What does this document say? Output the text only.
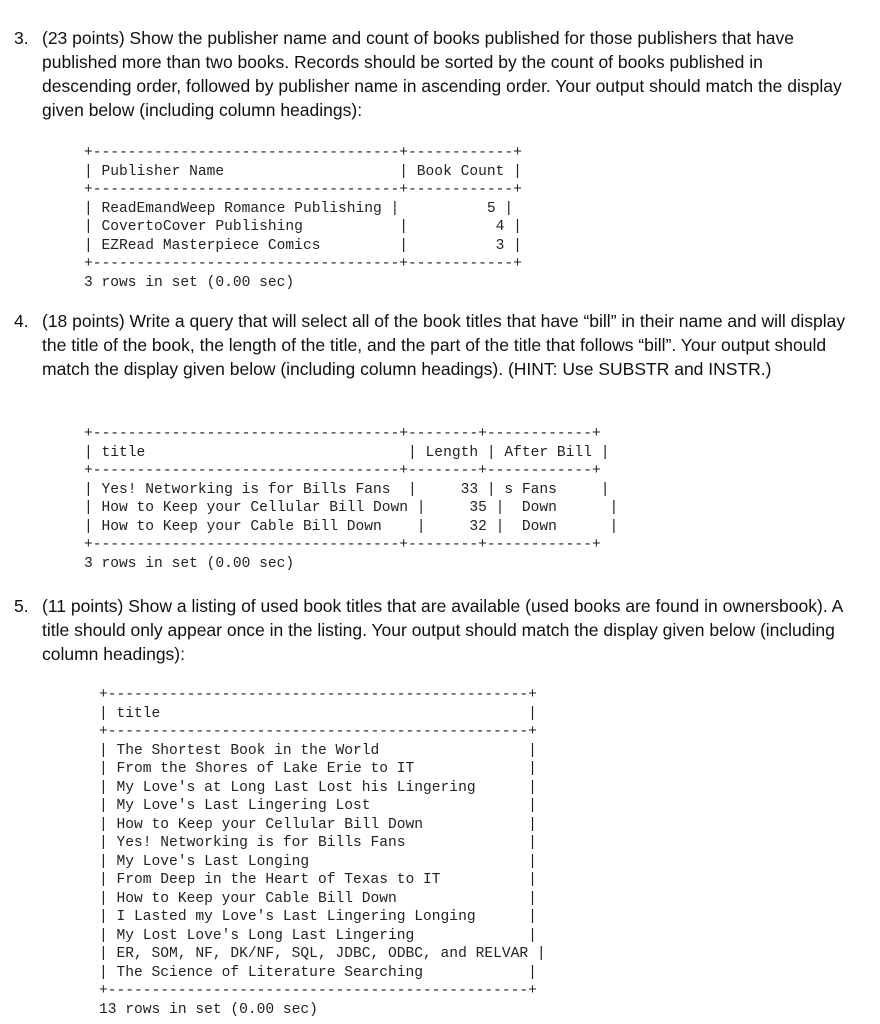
3. (23 points) Show the publisher name and count of books published for those publishers that have published more than two books. Records should be sorted by the count of books published in descending order, followed by publisher name in ascending order. Your output should match the display given below (including column headings):
+-----------------------------------+------------+
| Publisher Name                    | Book Count |
+-----------------------------------+------------+
| ReadEmandWeep Romance Publishing |          5 |
| CovertoCover Publishing           |          4 |
| EZRead Masterpiece Comics         |          3 |
+-----------------------------------+------------+
3 rows in set (0.00 sec)
4. (18 points) Write a query that will select all of the book titles that have “bill” in their name and will display the title of the book, the length of the title, and the part of the title that follows “bill”. Your output should match the display given below (including column headings). (HINT: Use SUBSTR and INSTR.)
+-----------------------------------+--------+------------+
| title                              | Length | After Bill |
+-----------------------------------+--------+------------+
| Yes! Networking is for Bills Fans  |     33 | s Fans     |
| How to Keep your Cellular Bill Down |     35 |  Down      |
| How to Keep your Cable Bill Down    |     32 |  Down      |
+-----------------------------------+--------+------------+
3 rows in set (0.00 sec)
5. (11 points) Show a listing of used book titles that are available (used books are found in ownersbook). A title should only appear once in the listing. Your output should match the display given below (including column headings):
+------------------------------------------------+
| title                                          |
+------------------------------------------------+
| The Shortest Book in the World                 |
| From the Shores of Lake Erie to IT             |
| My Love's at Long Last Lost his Lingering      |
| My Love's Last Lingering Lost                  |
| How to Keep your Cellular Bill Down            |
| Yes! Networking is for Bills Fans              |
| My Love's Last Longing                         |
| From Deep in the Heart of Texas to IT          |
| How to Keep your Cable Bill Down               |
| I Lasted my Love's Last Lingering Longing      |
| My Lost Love's Long Last Lingering             |
| ER, SOM, NF, DK/NF, SQL, JDBC, ODBC, and RELVAR |
| The Science of Literature Searching            |
+------------------------------------------------+
13 rows in set (0.00 sec)
